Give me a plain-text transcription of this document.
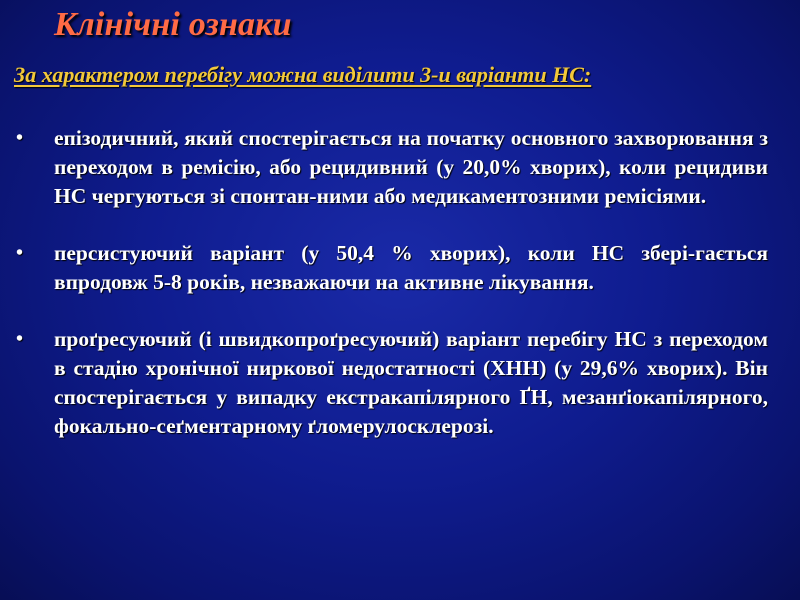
Клінічні ознаки
За характером перебігу можна виділити 3-и варіанти НС:
• епізодичний, який спостерігається на початку основного захворювання з переходом в ремісію, або рецидивний (у 20,0% хворих), коли рецидиви НС чергуються зі спонтан-ними або медикаментозними ремісіями.
• персистуючий варіант (у 50,4 % хворих), коли НС збері-гається впродовж 5-8 років, незважаючи на активне лікування.
• проґресуючий (і швидкопроґресуючий) варіант перебігу НС з переходом в стадію хронічної ниркової недостатності (ХНН) (у 29,6% хворих). Він спостерігається у випадку екстракапілярного ҐН, мезанґіокапілярного, фокально-сеґментарному ґломерулосклерозі.
